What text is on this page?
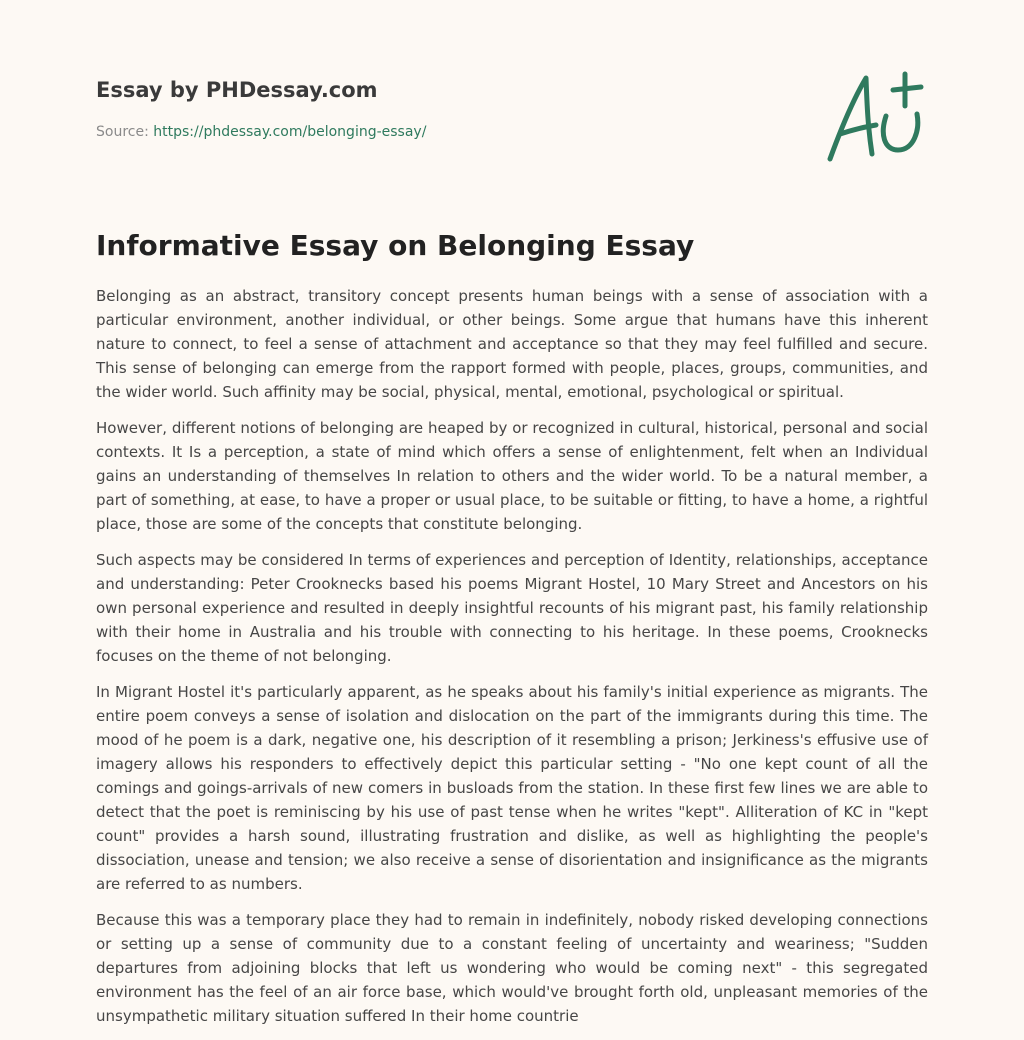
Essay by PHDessay.com
Source: https://phdessay.com/belonging-essay/
Informative Essay on Belonging Essay

Belonging as an abstract, transitory concept presents human beings with a sense of association with a particular environment, another individual, or other beings. Some argue that humans have this inherent nature to connect, to feel a sense of attachment and acceptance so that they may feel fulfilled and secure. This sense of belonging can emerge from the rapport formed with people, places, groups, communities, and the wider world. Such affinity may be social, physical, mental, emotional, psychological or spiritual.

However, different notions of belonging are heaped by or recognized in cultural, historical, personal and social contexts. It Is a perception, a state of mind which offers a sense of enlightenment, felt when an Individual gains an understanding of themselves In relation to others and the wider world. To be a natural member, a part of something, at ease, to have a proper or usual place, to be suitable or fitting, to have a home, a rightful place, those are some of the concepts that constitute belonging.

Such aspects may be considered In terms of experiences and perception of Identity, relationships, acceptance and understanding: Peter Crooknecks based his poems Migrant Hostel, 10 Mary Street and Ancestors on his own personal experience and resulted in deeply insightful recounts of his migrant past, his family relationship with their home in Australia and his trouble with connecting to his heritage. In these poems, Crooknecks focuses on the theme of not belonging.

In Migrant Hostel it's particularly apparent, as he speaks about his family's initial experience as migrants. The entire poem conveys a sense of isolation and dislocation on the part of the immigrants during this time. The mood of he poem is a dark, negative one, his description of it resembling a prison; Jerkiness's effusive use of imagery allows his responders to effectively depict this particular setting - "No one kept count of all the comings and goings-arrivals of new comers in busloads from the station. In these first few lines we are able to detect that the poet is reminiscing by his use of past tense when he writes "kept". Alliteration of KC in "kept count" provides a harsh sound, illustrating frustration and dislike, as well as highlighting the people's dissociation, unease and tension; we also receive a sense of disorientation and insignificance as the migrants are referred to as numbers.

Because this was a temporary place they had to remain in indefinitely, nobody risked developing connections or setting up a sense of community due to a constant feeling of uncertainty and weariness; "Sudden departures from adjoining blocks that left us wondering who would be coming next" - this segregated environment has the feel of an air force base, which would've brought forth old, unpleasant memories of the unsympathetic military situation suffered In their home countrie
